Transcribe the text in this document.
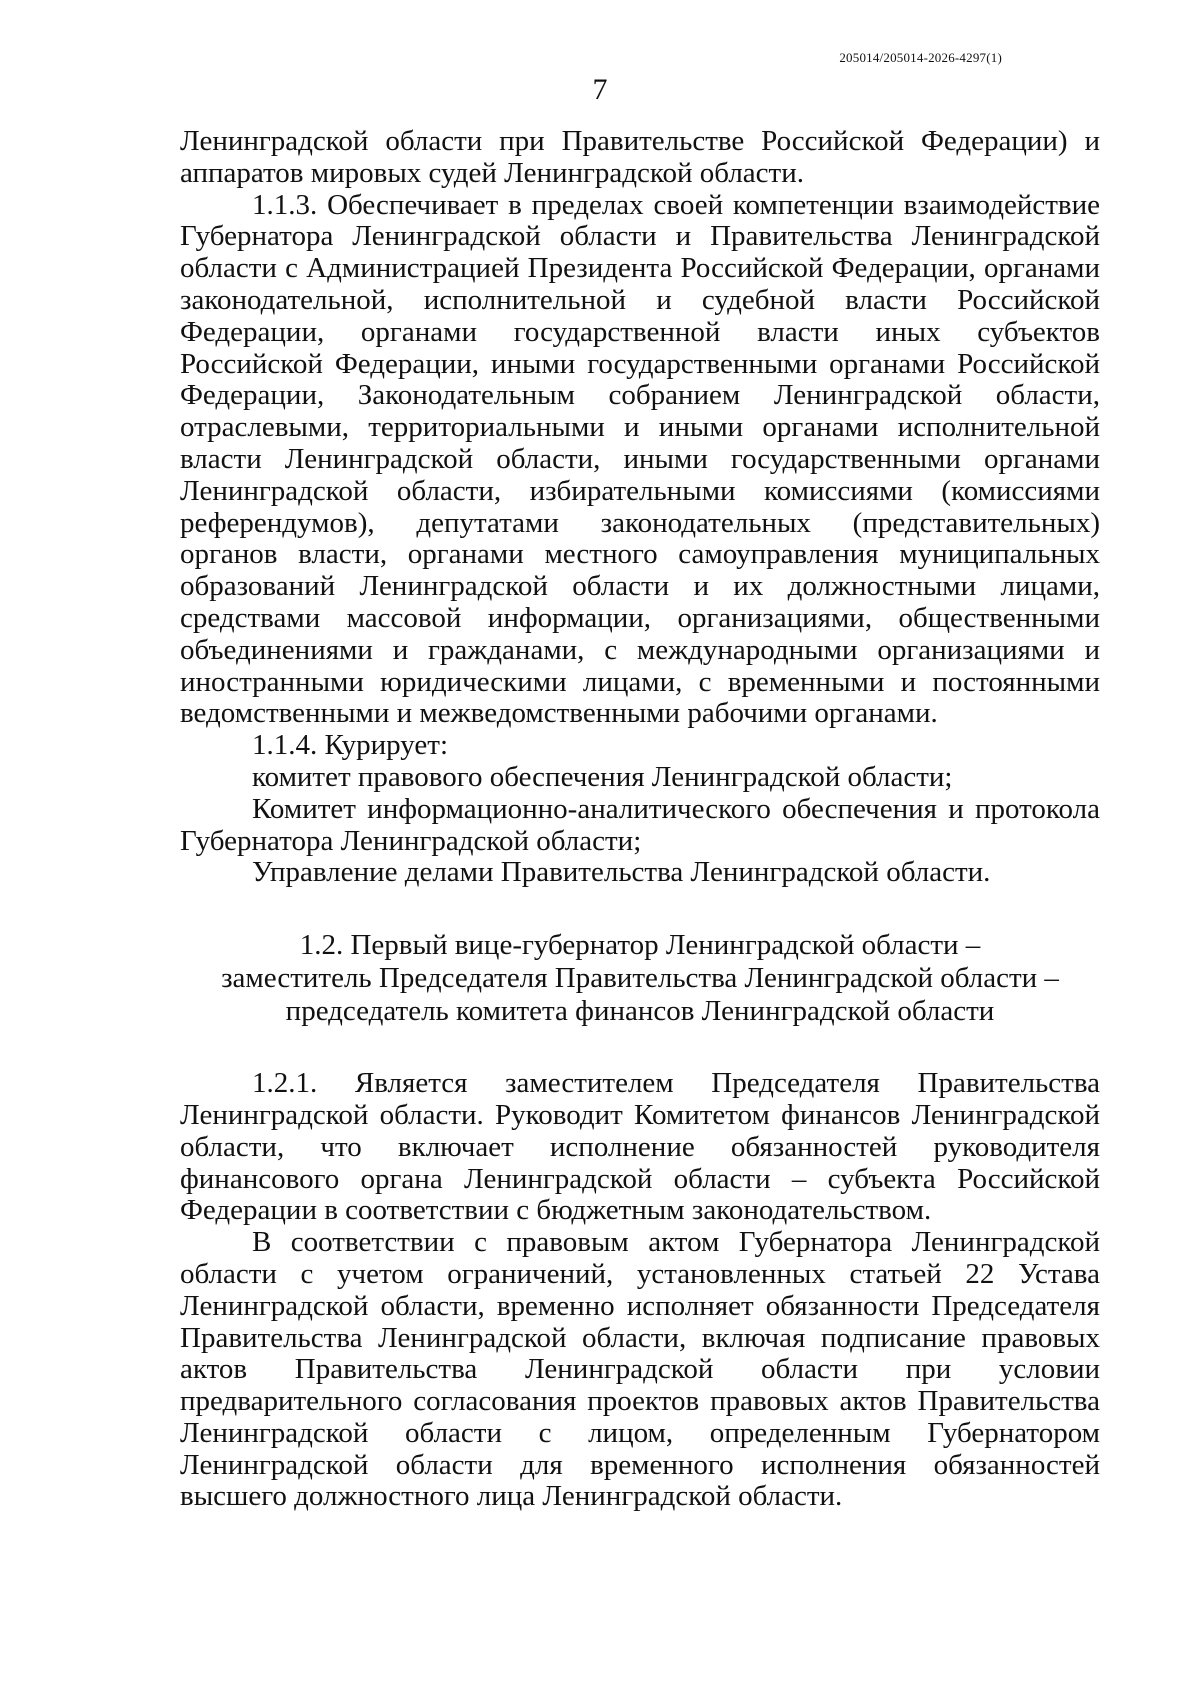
205014/205014-2026-4297(1)
7

Ленинградской области при Правительстве Российской Федерации) и аппаратов мировых судей Ленинградской области.

1.1.3. Обеспечивает в пределах своей компетенции взаимодействие Губернатора Ленинградской области и Правительства Ленинградской области с Администрацией Президента Российской Федерации, органами законодательной, исполнительной и судебной власти Российской Федерации, органами государственной власти иных субъектов Российской Федерации, иными государственными органами Российской Федерации, Законодательным собранием Ленинградской области, отраслевыми, территориальными и иными органами исполнительной власти Ленинградской области, иными государственными органами Ленинградской области, избирательными комиссиями (комиссиями референдумов), депутатами законодательных (представительных) органов власти, органами местного самоуправления муниципальных образований Ленинградской области и их должностными лицами, средствами массовой информации, организациями, общественными объединениями и гражданами, с международными организациями и иностранными юридическими лицами, с временными и постоянными ведомственными и межведомственными рабочими органами.

1.1.4. Курирует:

комитет правового обеспечения Ленинградской области;

Комитет информационно-аналитического обеспечения и протокола Губернатора Ленинградской области;

Управление делами Правительства Ленинградской области.

1.2. Первый вице-губернатор Ленинградской области –
заместитель Председателя Правительства Ленинградской области –
председатель комитета финансов Ленинградской области

1.2.1. Является заместителем Председателя Правительства Ленинградской области. Руководит Комитетом финансов Ленинградской области, что включает исполнение обязанностей руководителя финансового органа Ленинградской области – субъекта Российской Федерации в соответствии с бюджетным законодательством.

В соответствии с правовым актом Губернатора Ленинградской области с учетом ограничений, установленных статьей 22 Устава Ленинградской области, временно исполняет обязанности Председателя Правительства Ленинградской области, включая подписание правовых актов Правительства Ленинградской области при условии предварительного согласования проектов правовых актов Правительства Ленинградской области с лицом, определенным Губернатором Ленинградской области для временного исполнения обязанностей высшего должностного лица Ленинградской области.
